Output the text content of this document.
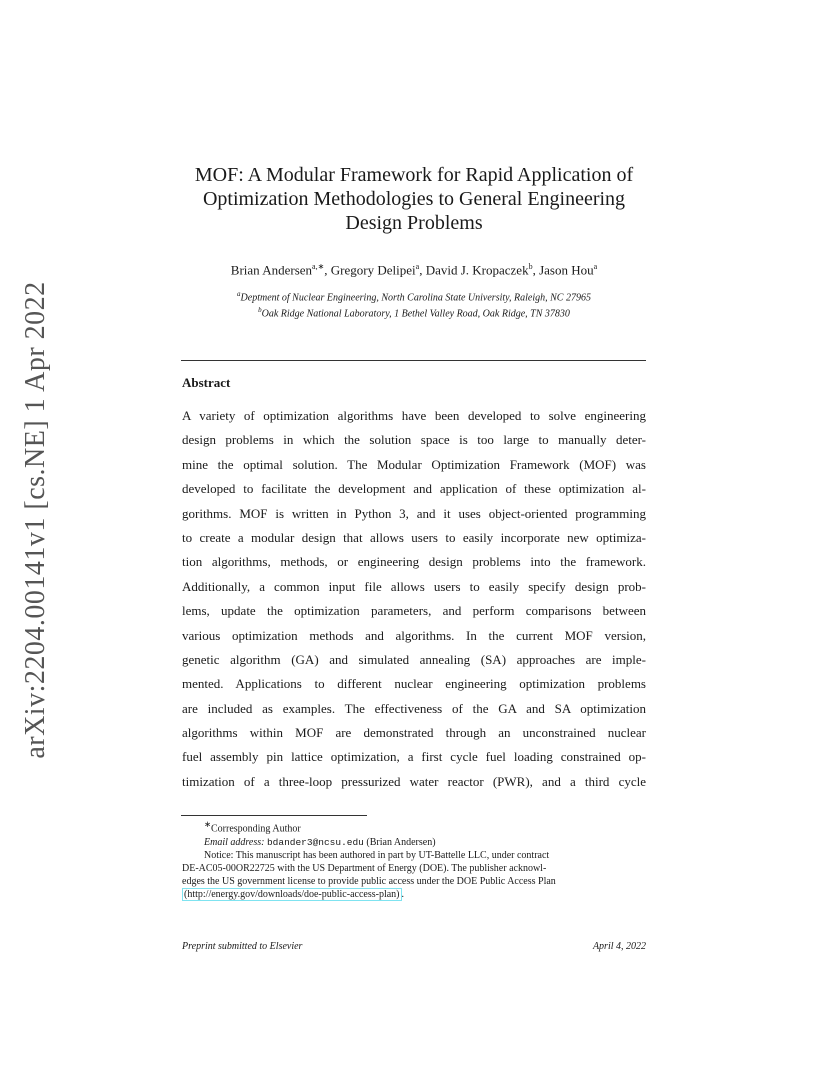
arXiv:2204.00141v1 [cs.NE] 1 Apr 2022
MOF: A Modular Framework for Rapid Application of
Optimization Methodologies to General Engineering
Design Problems
Brian Andersen$^{a,∗}$, Gregory Delipei$^a$, David J. Kropaczek$^b$, Jason Hou$^a$
$^a$Deptment of Nuclear Engineering, North Carolina State University, Raleigh, NC 27965
$^b$Oak Ridge National Laboratory, 1 Bethel Valley Road, Oak Ridge, TN 37830
Abstract
A variety of optimization algorithms have been developed to solve engineering
design problems in which the solution space is too large to manually deter-
mine the optimal solution. The Modular Optimization Framework (MOF) was
developed to facilitate the development and application of these optimization al-
gorithms. MOF is written in Python 3, and it uses object-oriented programming
to create a modular design that allows users to easily incorporate new optimiza-
tion algorithms, methods, or engineering design problems into the framework.
Additionally, a common input file allows users to easily specify design prob-
lems, update the optimization parameters, and perform comparisons between
various optimization methods and algorithms. In the current MOF version,
genetic algorithm (GA) and simulated annealing (SA) approaches are imple-
mented. Applications to different nuclear engineering optimization problems
are included as examples. The effectiveness of the GA and SA optimization
algorithms within MOF are demonstrated through an unconstrained nuclear
fuel assembly pin lattice optimization, a first cycle fuel loading constrained op-
timization of a three-loop pressurized water reactor (PWR), and a third cycle
∗Corresponding Author
Email address: bdander3@ncsu.edu (Brian Andersen)
Notice: This manuscript has been authored in part by UT-Battelle LLC, under contract
DE-AC05-00OR22725 with the US Department of Energy (DOE). The publisher acknowl-
edges the US government license to provide public access under the DOE Public Access Plan
(http://energy.gov/downloads/doe-public-access-plan) .
Preprint submitted to Elsevier	April 4, 2022
